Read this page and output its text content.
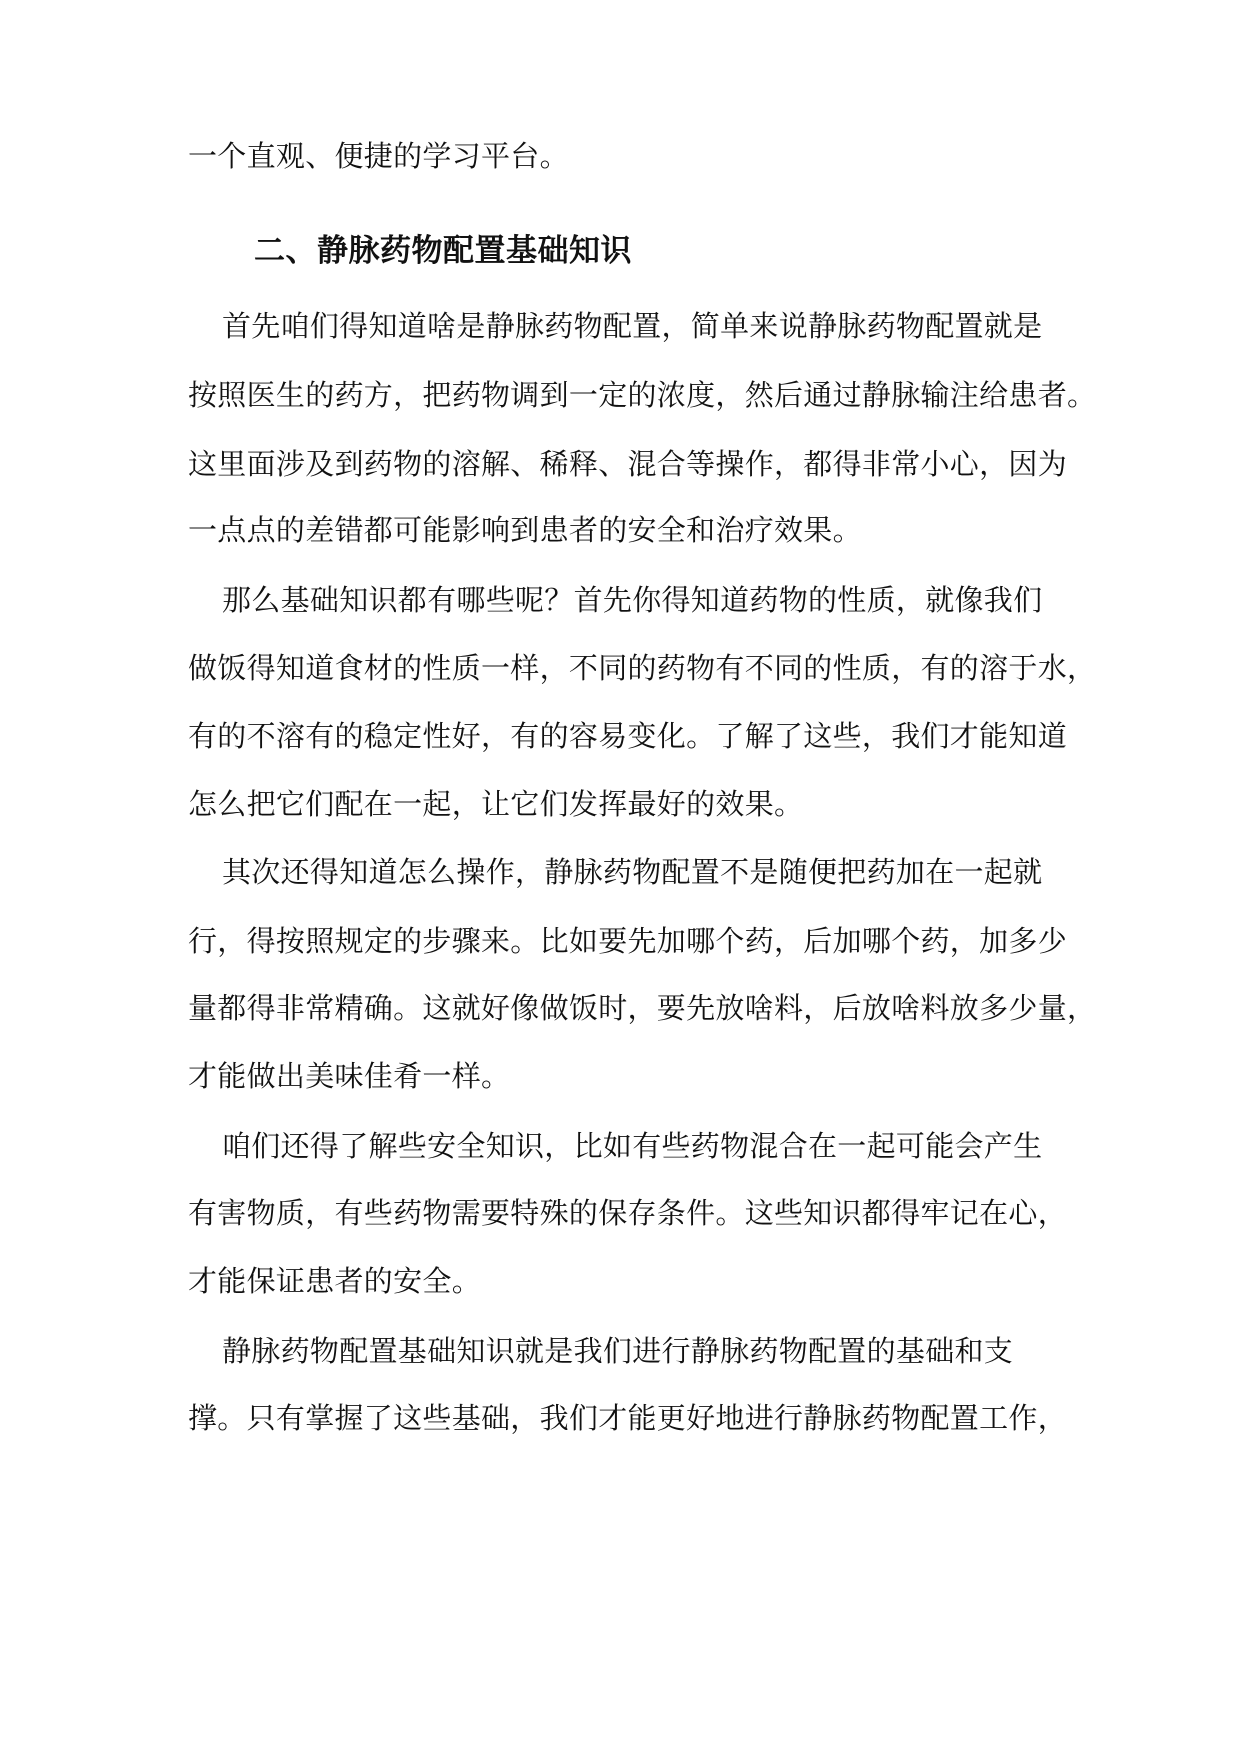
一个直观、便捷的学习平台。
二、静脉药物配置基础知识
首先咱们得知道啥是静脉药物配置，简单来说静脉药物配置就是
按照医生的药方，把药物调到一定的浓度，然后通过静脉输注给患者。
这里面涉及到药物的溶解、稀释、混合等操作，都得非常小心，因为
一点点的差错都可能影响到患者的安全和治疗效果。
那么基础知识都有哪些呢？首先你得知道药物的性质，就像我们
做饭得知道食材的性质一样，不同的药物有不同的性质，有的溶于水，
有的不溶有的稳定性好，有的容易变化。了解了这些，我们才能知道
怎么把它们配在一起，让它们发挥最好的效果。
其次还得知道怎么操作，静脉药物配置不是随便把药加在一起就
行，得按照规定的步骤来。比如要先加哪个药，后加哪个药，加多少
量都得非常精确。这就好像做饭时，要先放啥料，后放啥料放多少量，
才能做出美味佳肴一样。
咱们还得了解些安全知识，比如有些药物混合在一起可能会产生
有害物质，有些药物需要特殊的保存条件。这些知识都得牢记在心，
才能保证患者的安全。
静脉药物配置基础知识就是我们进行静脉药物配置的基础和支
撑。只有掌握了这些基础，我们才能更好地进行静脉药物配置工作，
